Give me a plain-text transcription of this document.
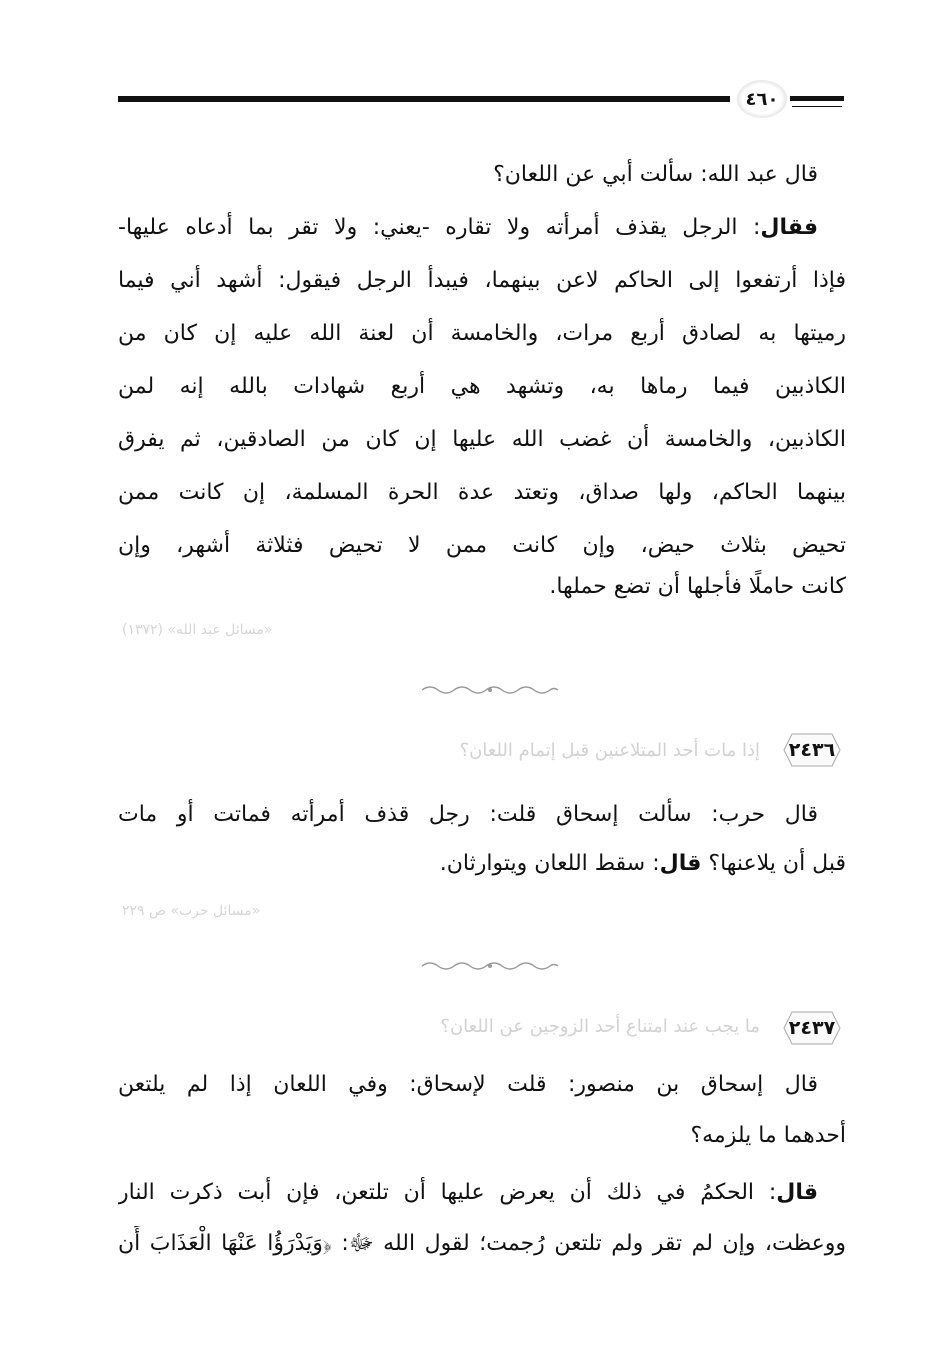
٤٦٠
قال عبد الله: سألت أبي عن اللعان؟
فقال: الرجل يقذف أمرأته ولا تقاره -يعني: ولا تقر بما أدعاه عليها-
فإذا أرتفعوا إلى الحاكم لاعن بينهما، فيبدأ الرجل فيقول: أشهد أني فيما
رميتها به لصادق أربع مرات، والخامسة أن لعنة الله عليه إن كان من
الكاذبين فيما رماها به، وتشهد هي أربع شهادات بالله إنه لمن
الكاذبين، والخامسة أن غضب الله عليها إن كان من الصادقين، ثم يفرق
بينهما الحاكم، ولها صداق، وتعتد عدة الحرة المسلمة، إن كانت ممن
تحيض بثلاث حيض، وإن كانت ممن لا تحيض فثلاثة أشهر، وإن
كانت حاملًا فأجلها أن تضع حملها.
«مسائل عبد الله» (١٣٧٢)
٢٤٣٦
إذا مات أحد المتلاعنين قبل إتمام اللعان؟
قال حرب: سألت إسحاق قلت: رجل قذف أمرأته فماتت أو مات
قبل أن يلاعنها؟ قال: سقط اللعان ويتوارثان.
«مسائل حرب» ص ٢٢٩
٢٤٣٧
ما يجب عند امتناع أحد الزوجين عن اللعان؟
قال إسحاق بن منصور: قلت لإسحاق: وفي اللعان إذا لم يلتعن
أحدهما ما يلزمه؟
قال: الحكمُ في ذلك أن يعرض عليها أن تلتعن، فإن أبت ذكرت النار
ووعظت، وإن لم تقر ولم تلتعن رُجمت؛ لقول الله ﷻ: ﴿وَيَدْرَؤُا عَنْهَا الْعَذَابَ أَن
